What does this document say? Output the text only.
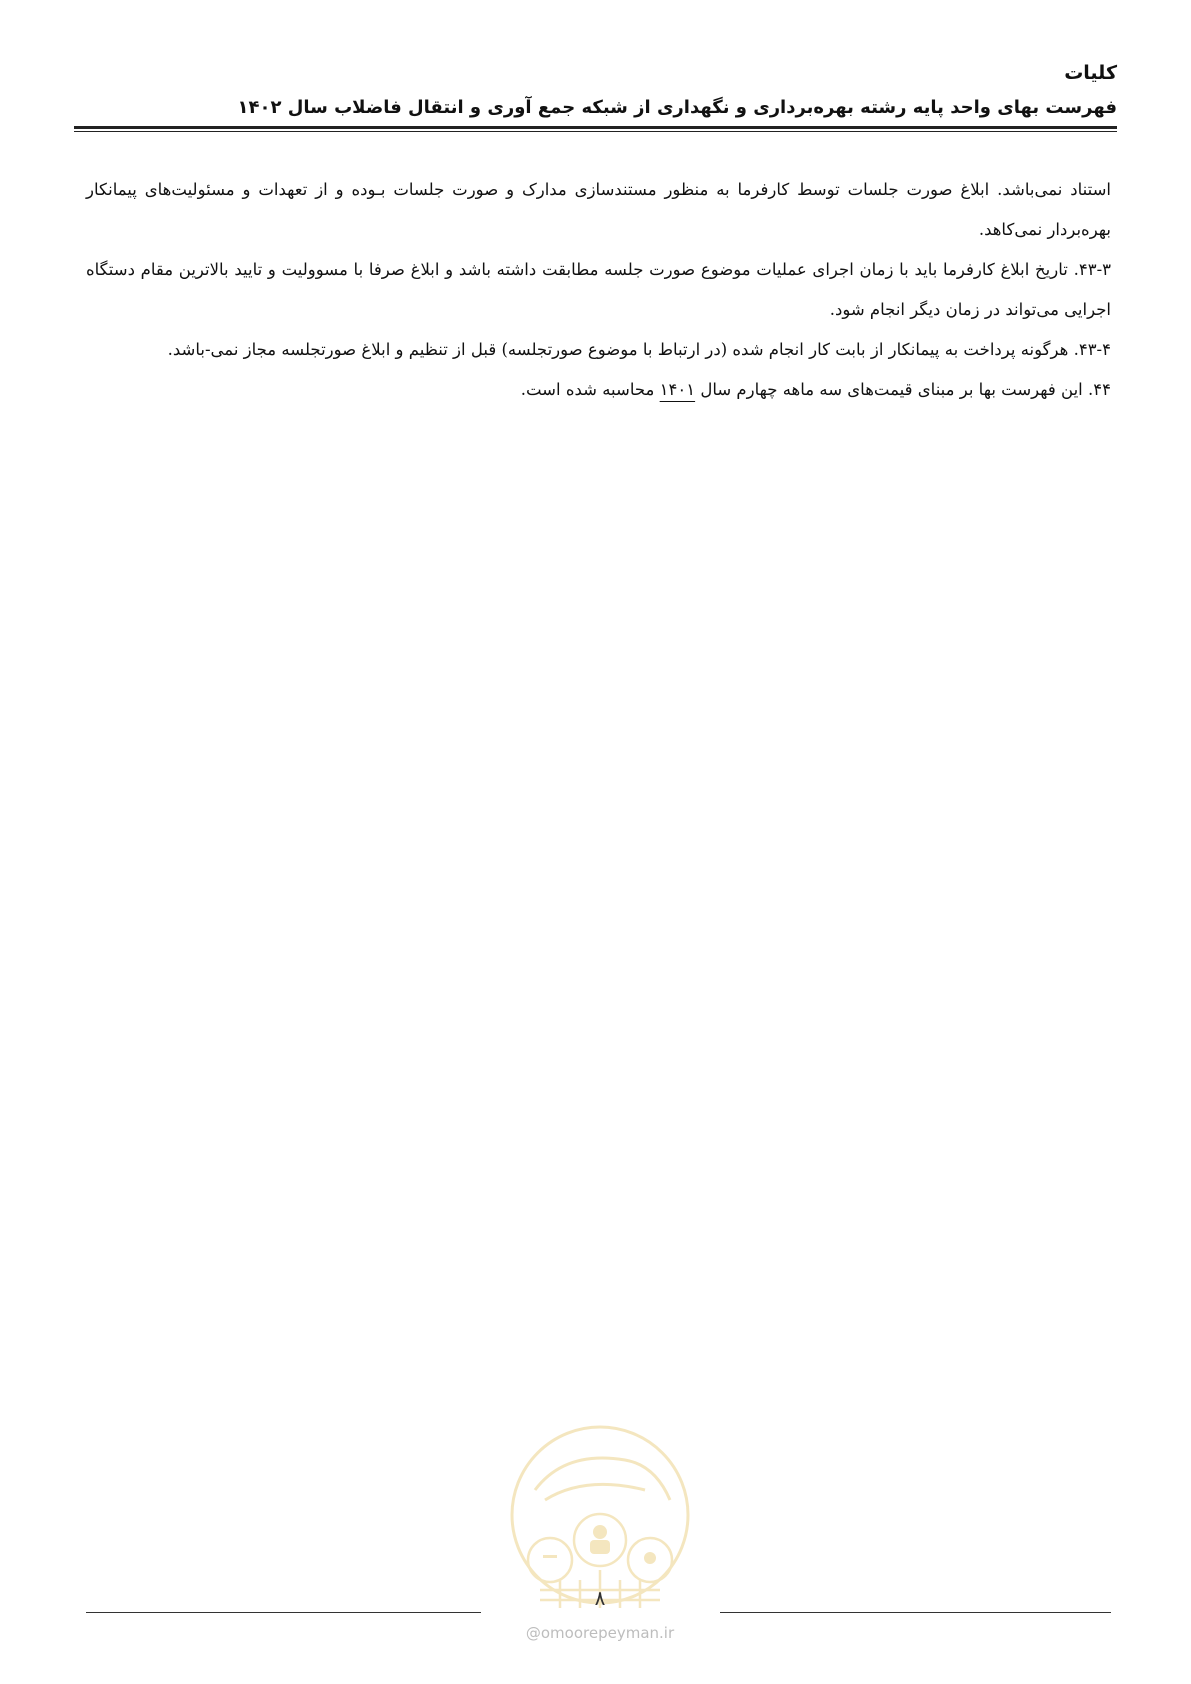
کلیات
فهرست بهای واحد پایه رشته بهره‌برداری و نگهداری از شبکه جمع آوری و انتقال فاضلاب سال ۱۴۰۲

استناد نمی‌باشد. ابلاغ صورت جلسات توسط کارفرما به منظور مستندسازی مدارک و صورت جلسات بـوده و از تعهدات و مسئولیت‌های پیمانکار بهره‌بردار نمی‌کاهد.

۴۳-۳. تاریخ ابلاغ کارفرما باید با زمان اجرای عملیات موضوع صورت جلسه مطابقت داشته باشد و ابلاغ صرفا با مسوولیت و تایید بالاترین مقام دستگاه اجرایی می‌تواند در زمان دیگر انجام شود.

۴۳-۴. هرگونه پرداخت به پیمانکار از بابت کار انجام شده (در ارتباط با موضوع صورتجلسه) قبل از تنظیم و ابلاغ صورتجلسه مجاز نمی-باشد.

۴۴. این فهرست بها بر مبنای قیمت‌های سه ماهه چهارم سال ۱۴۰۱ محاسبه شده است.

۸
@omoorepeyman.ir
